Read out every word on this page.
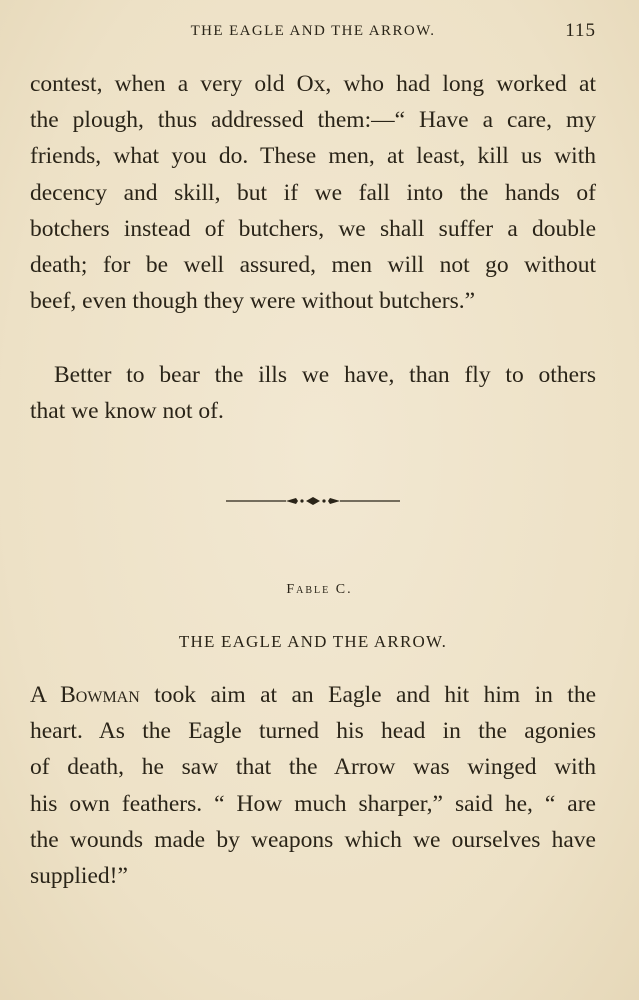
THE EAGLE AND THE ARROW.	115
contest, when a very old Ox, who had long worked at
the plough, thus addressed them:—“ Have a care, my
friends, what you do. These men, at least, kill us with
decency and skill, but if we fall into the hands of
botchers instead of butchers, we shall suffer a double
death; for be well assured, men will not go without
beef, even though they were without butchers.”
Better to bear the ills we have, than fly to others
that we know not of.
Fable C.
THE EAGLE AND THE ARROW.
A Bowman took aim at an Eagle and hit him in the
heart. As the Eagle turned his head in the agonies
of death, he saw that the Arrow was winged with
his own feathers. “ How much sharper,” said he, “ are
the wounds made by weapons which we ourselves have
supplied!”
